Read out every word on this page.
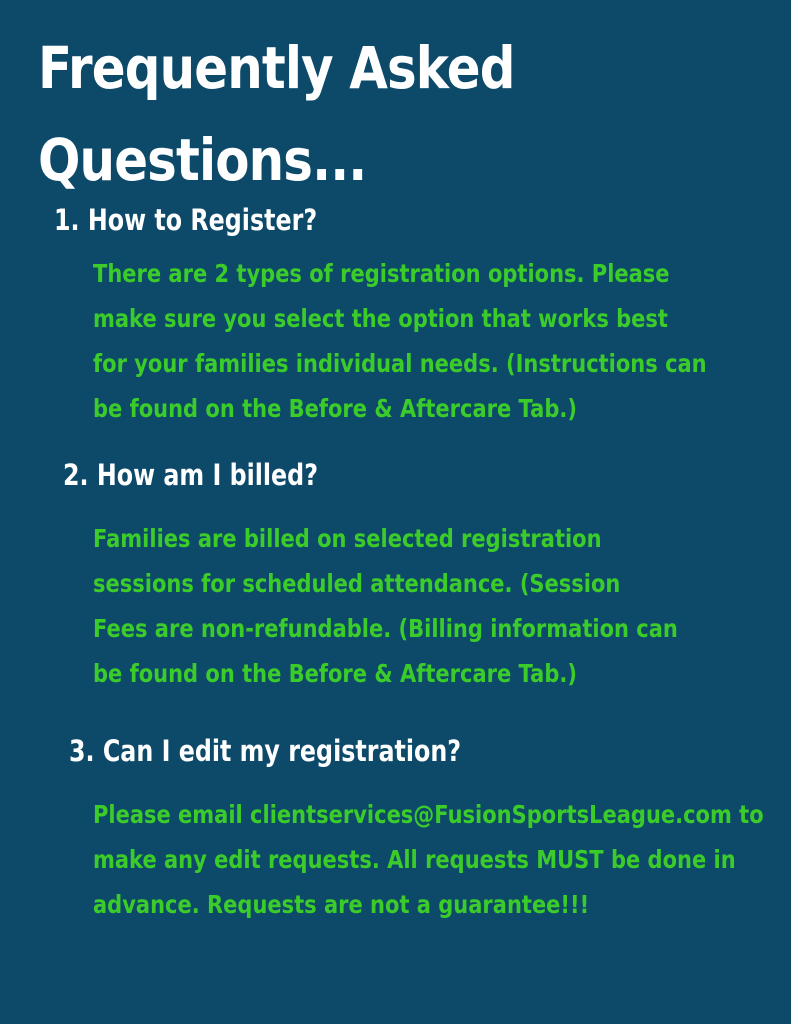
Frequently Asked
Questions...
1. How to Register?
There are 2 types of registration options. Please
make sure you select the option that works best
for your families individual needs. (Instructions can
be found on the Before & Aftercare Tab.)
2. How am I billed?
Families are billed on selected registration
sessions for scheduled attendance. (Session
Fees are non-refundable. (Billing information can
be found on the Before & Aftercare Tab.)
3. Can I edit my registration?
Please email clientservices@FusionSportsLeague.com to
make any edit requests. All requests MUST be done in
advance. Requests are not a guarantee!!!
